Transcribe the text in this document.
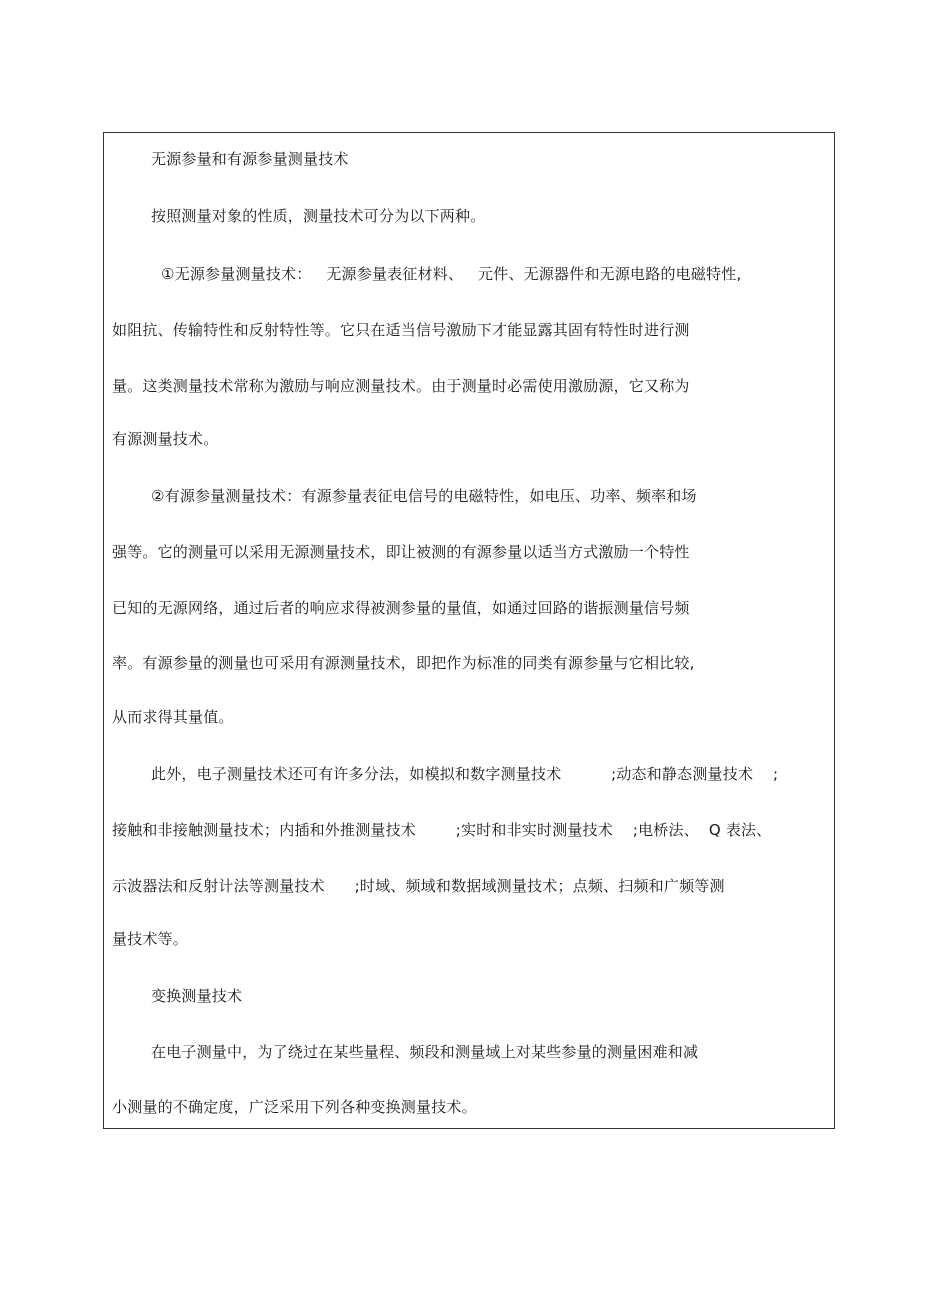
无源参量和有源参量测量技术
按照测量对象的性质，测量技术可分为以下两种。
①无源参量测量技术：   无源参量表征材料、   元件、无源器件和无源电路的电磁特性,
如阻抗、传输特性和反射特性等。它只在适当信号激励下才能显露其固有特性时进行测
量。这类测量技术常称为激励与响应测量技术。由于测量时必需使用激励源，它又称为
有源测量技术。
②有源参量测量技术：有源参量表征电信号的电磁特性，如电压、功率、频率和场
强等。它的测量可以采用无源测量技术，即让被测的有源参量以适当方式激励一个特性
已知的无源网络，通过后者的响应求得被测参量的量值，如通过回路的谐振测量信号频
率。有源参量的测量也可采用有源测量技术，即把作为标准的同类有源参量与它相比较,
从而求得其量值。
此外，电子测量技术还可有许多分法，如模拟和数字测量技术          ;动态和静态测量技术    ;
接触和非接触测量技术；内插和外推测量技术        ;实时和非实时测量技术    ;电桥法、  Q 表法、
示波器法和反射计法等测量技术      ;时域、频域和数据域测量技术；点频、扫频和广频等测
量技术等。
变换测量技术
在电子测量中，为了绕过在某些量程、频段和测量域上对某些参量的测量困难和减
小测量的不确定度，广泛采用下列各种变换测量技术。
